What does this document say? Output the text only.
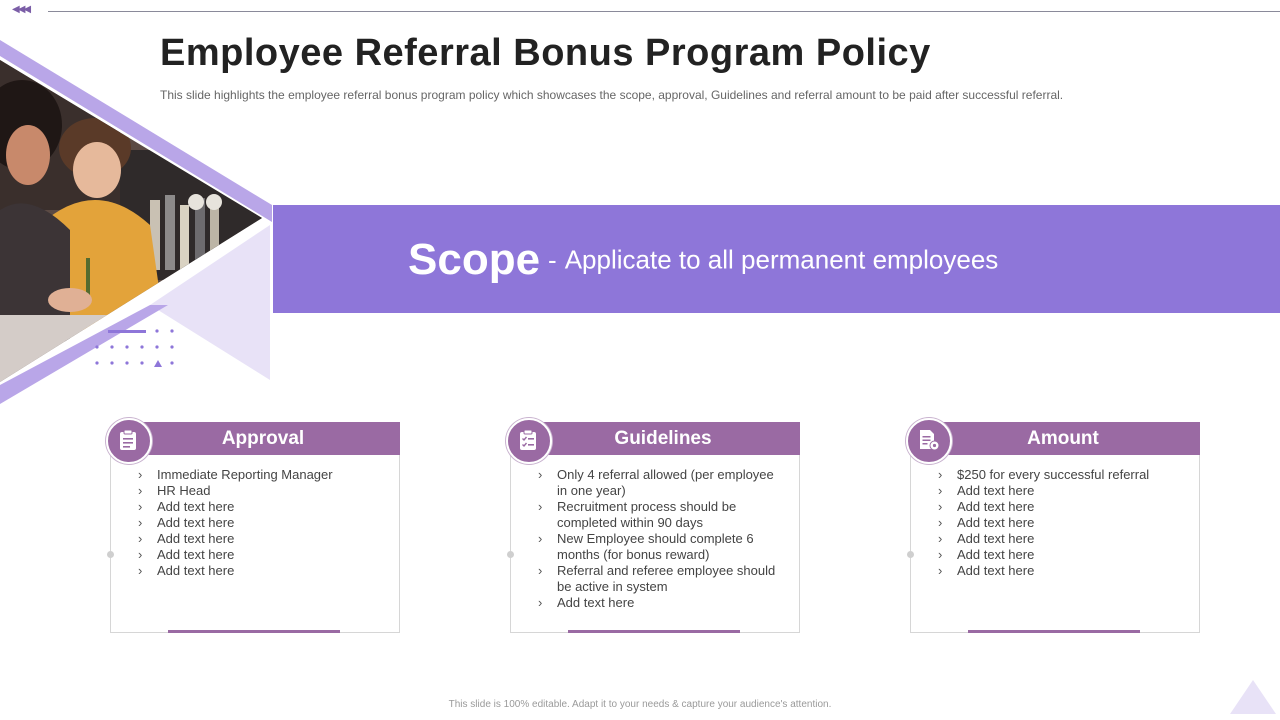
◀◀◀
Employee Referral Bonus Program Policy
This slide highlights the employee referral bonus program policy which showcases the scope, approval, Guidelines and referral amount to be paid after successful referral.
Scope - Applicate to all permanent employees
› Immediate Reporting Manager
› HR Head
› Add text here
› Add text here
› Add text here
› Add text here
› Add text here
Approval
› Only 4 referral allowed (per employee in one year)
› Recruitment process should be completed within 90 days
› New Employee should complete 6 months (for bonus reward)
› Referral and referee employee should be active in system
› Add text here
Guidelines
› $250 for every successful referral
› Add text here
› Add text here
› Add text here
› Add text here
› Add text here
› Add text here
Amount
This slide is 100% editable. Adapt it to your needs & capture your audience's attention.
